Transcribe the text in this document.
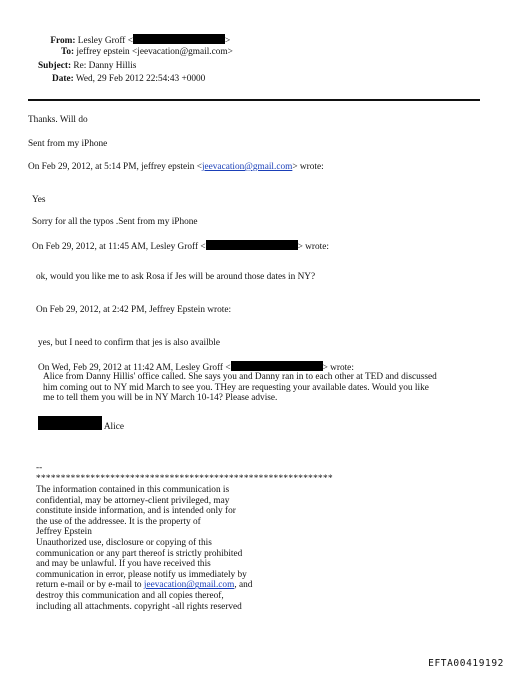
From: Lesley Groff <	>
To: jeffrey epstein <jeevacation@gmail.com>
Subject: Re: Danny Hillis
Date: Wed, 29 Feb 2012 22:54:43 +0000
Thanks. Will do
Sent from my iPhone
On Feb 29, 2012, at 5:14 PM, jeffrey epstein <jeevacation@gmail.com> wrote:
Yes
Sorry for all the typos .Sent from my iPhone
On Feb 29, 2012, at 11:45 AM, Lesley Groff <	> wrote:
ok, would you like me to ask Rosa if Jes will be around those dates in NY?
On Feb 29, 2012, at 2:42 PM, Jeffrey Epstein wrote:
yes, but I need to confirm that jes is also availble
On Wed, Feb 29, 2012 at 11:42 AM, Lesley Groff <	> wrote:
Alice from Danny Hillis' office called. She says you and Danny ran in to each other at TED and discussed
him coming out to NY mid March to see you. THey are requesting your available dates. Would you like
me to tell them you will be in NY March 10-14? Please advise.
Alice
--
************************************************************
The information contained in this communication is
confidential, may be attorney-client privileged, may
constitute inside information, and is intended only for
the use of the addressee. It is the property of
Jeffrey Epstein
Unauthorized use, disclosure or copying of this
communication or any part thereof is strictly prohibited
and may be unlawful. If you have received this
communication in error, please notify us immediately by
return e-mail or by e-mail to jeevacation@gmail.com, and
destroy this communication and all copies thereof,
including all attachments. copyright -all rights reserved
EFTA00419192
